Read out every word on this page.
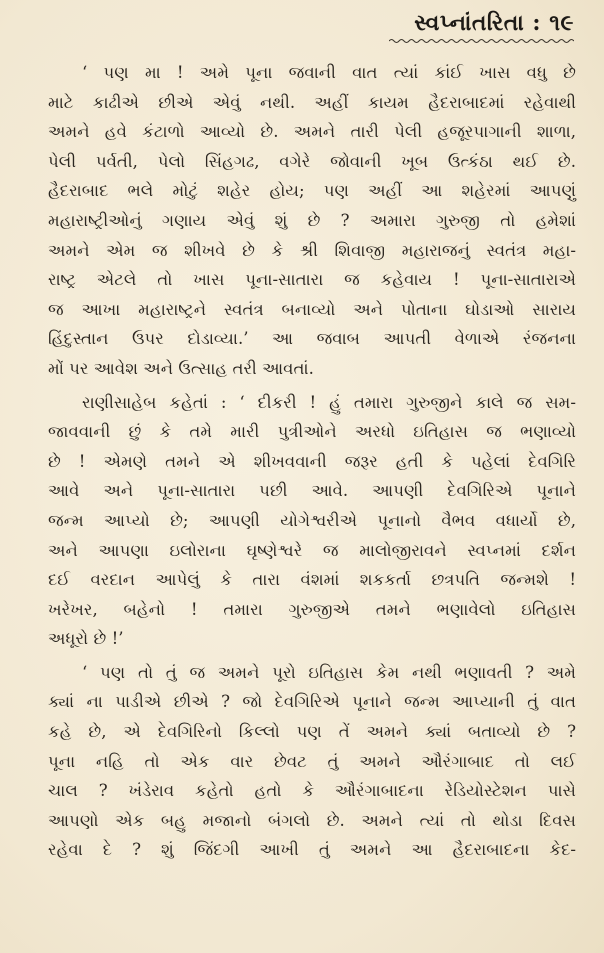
સ્વપ્નાંતરિતા : ૧૯
‘ પણ મા ! અમે પૂના જવાની વાત ત્યાં કાંઈ ખાસ વધુ છે
માટે કાઢીએ છીએ એવું નથી. અહીં કાયમ હૈદરાબાદમાં રહેવાથી
અમને હવે કંટાળો આવ્યો છે. અમને તારી પેલી હજૂરપાગાની શાળા,
પેલી પર્વતી, પેલો સિંહગઢ, વગેરે જોવાની ખૂબ ઉત્કંઠા થઈ છે.
હૈદરાબાદ ભલે મોટું શહેર હોય; પણ અહીં આ શહેરમાં આપણું
મહારાષ્ટ્રીઓનું ગણાય એવું શું છે ? અમારા ગુરુજી તો હમેશાં
અમને એમ જ શીખવે છે કે શ્રી શિવાજી મહારાજનું સ્વતંત્ર મહા-
રાષ્ટ્ર એટલે તો ખાસ પૂના-સાતારા જ કહેવાય ! પૂના-સાતારાએ
જ આખા મહારાષ્ટ્રને સ્વતંત્ર બનાવ્યો અને પોતાના ઘોડાઓ સારાય
હિંદુસ્તાન ઉપર દોડાવ્યા.’ આ જવાબ આપતી વેળાએ રંજનના
મોં પર આવેશ અને ઉત્સાહ તરી આવતાં.
રાણીસાહેબ કહેતાં : ‘ દીકરી ! હું તમારા ગુરુજીને કાલે જ સમ-
જાવવાની છું કે તમે મારી પુત્રીઓને અરધો ઇતિહાસ જ ભણાવ્યો
છે ! એમણે તમને એ શીખવવાની જરૂર હતી કે પહેલાં દેવગિરિ
આવે અને પૂના-સાતારા પછી આવે. આપણી દેવગિરિએ પૂનાને
જન્મ આપ્યો છે; આપણી યોગેશ્વરીએ પૂનાનો વૈભવ વધાર્યો છે,
અને આપણા ઇલોરાના ઘૃષ્ણેશ્વરે જ માલોજીરાવને સ્વપ્નમાં દર્શન
દઈ વરદાન આપેલું કે તારા વંશમાં શકકર્તા છત્રપતિ જન્મશે !
ખરેખર, બહેનો ! તમારા ગુરુજીએ તમને ભણાવેલો ઇતિહાસ
અધૂરો છે !’
‘ પણ તો તું જ અમને પૂરો ઇતિહાસ કેમ નથી ભણાવતી ? અમે
ક્યાં ના પાડીએ છીએ ? જો દેવગિરિએ પૂનાને જન્મ આપ્યાની તું વાત
કહે છે, એ દેવગિરિનો કિલ્લો પણ તેં અમને ક્યાં બતાવ્યો છે ?
પૂના નહિ તો એક વાર છેવટ તું અમને ઔરંગાબાદ તો લઈ
ચાલ ? ખંડેરાવ કહેતો હતો કે ઔરંગાબાદના રેડિયોસ્ટેશન પાસે
આપણો એક બહુ મજાનો બંગલો છે. અમને ત્યાં તો થોડા દિવસ
રહેવા દે ? શું જિંદગી આખી તું અમને આ હૈદરાબાદના કેદ-
